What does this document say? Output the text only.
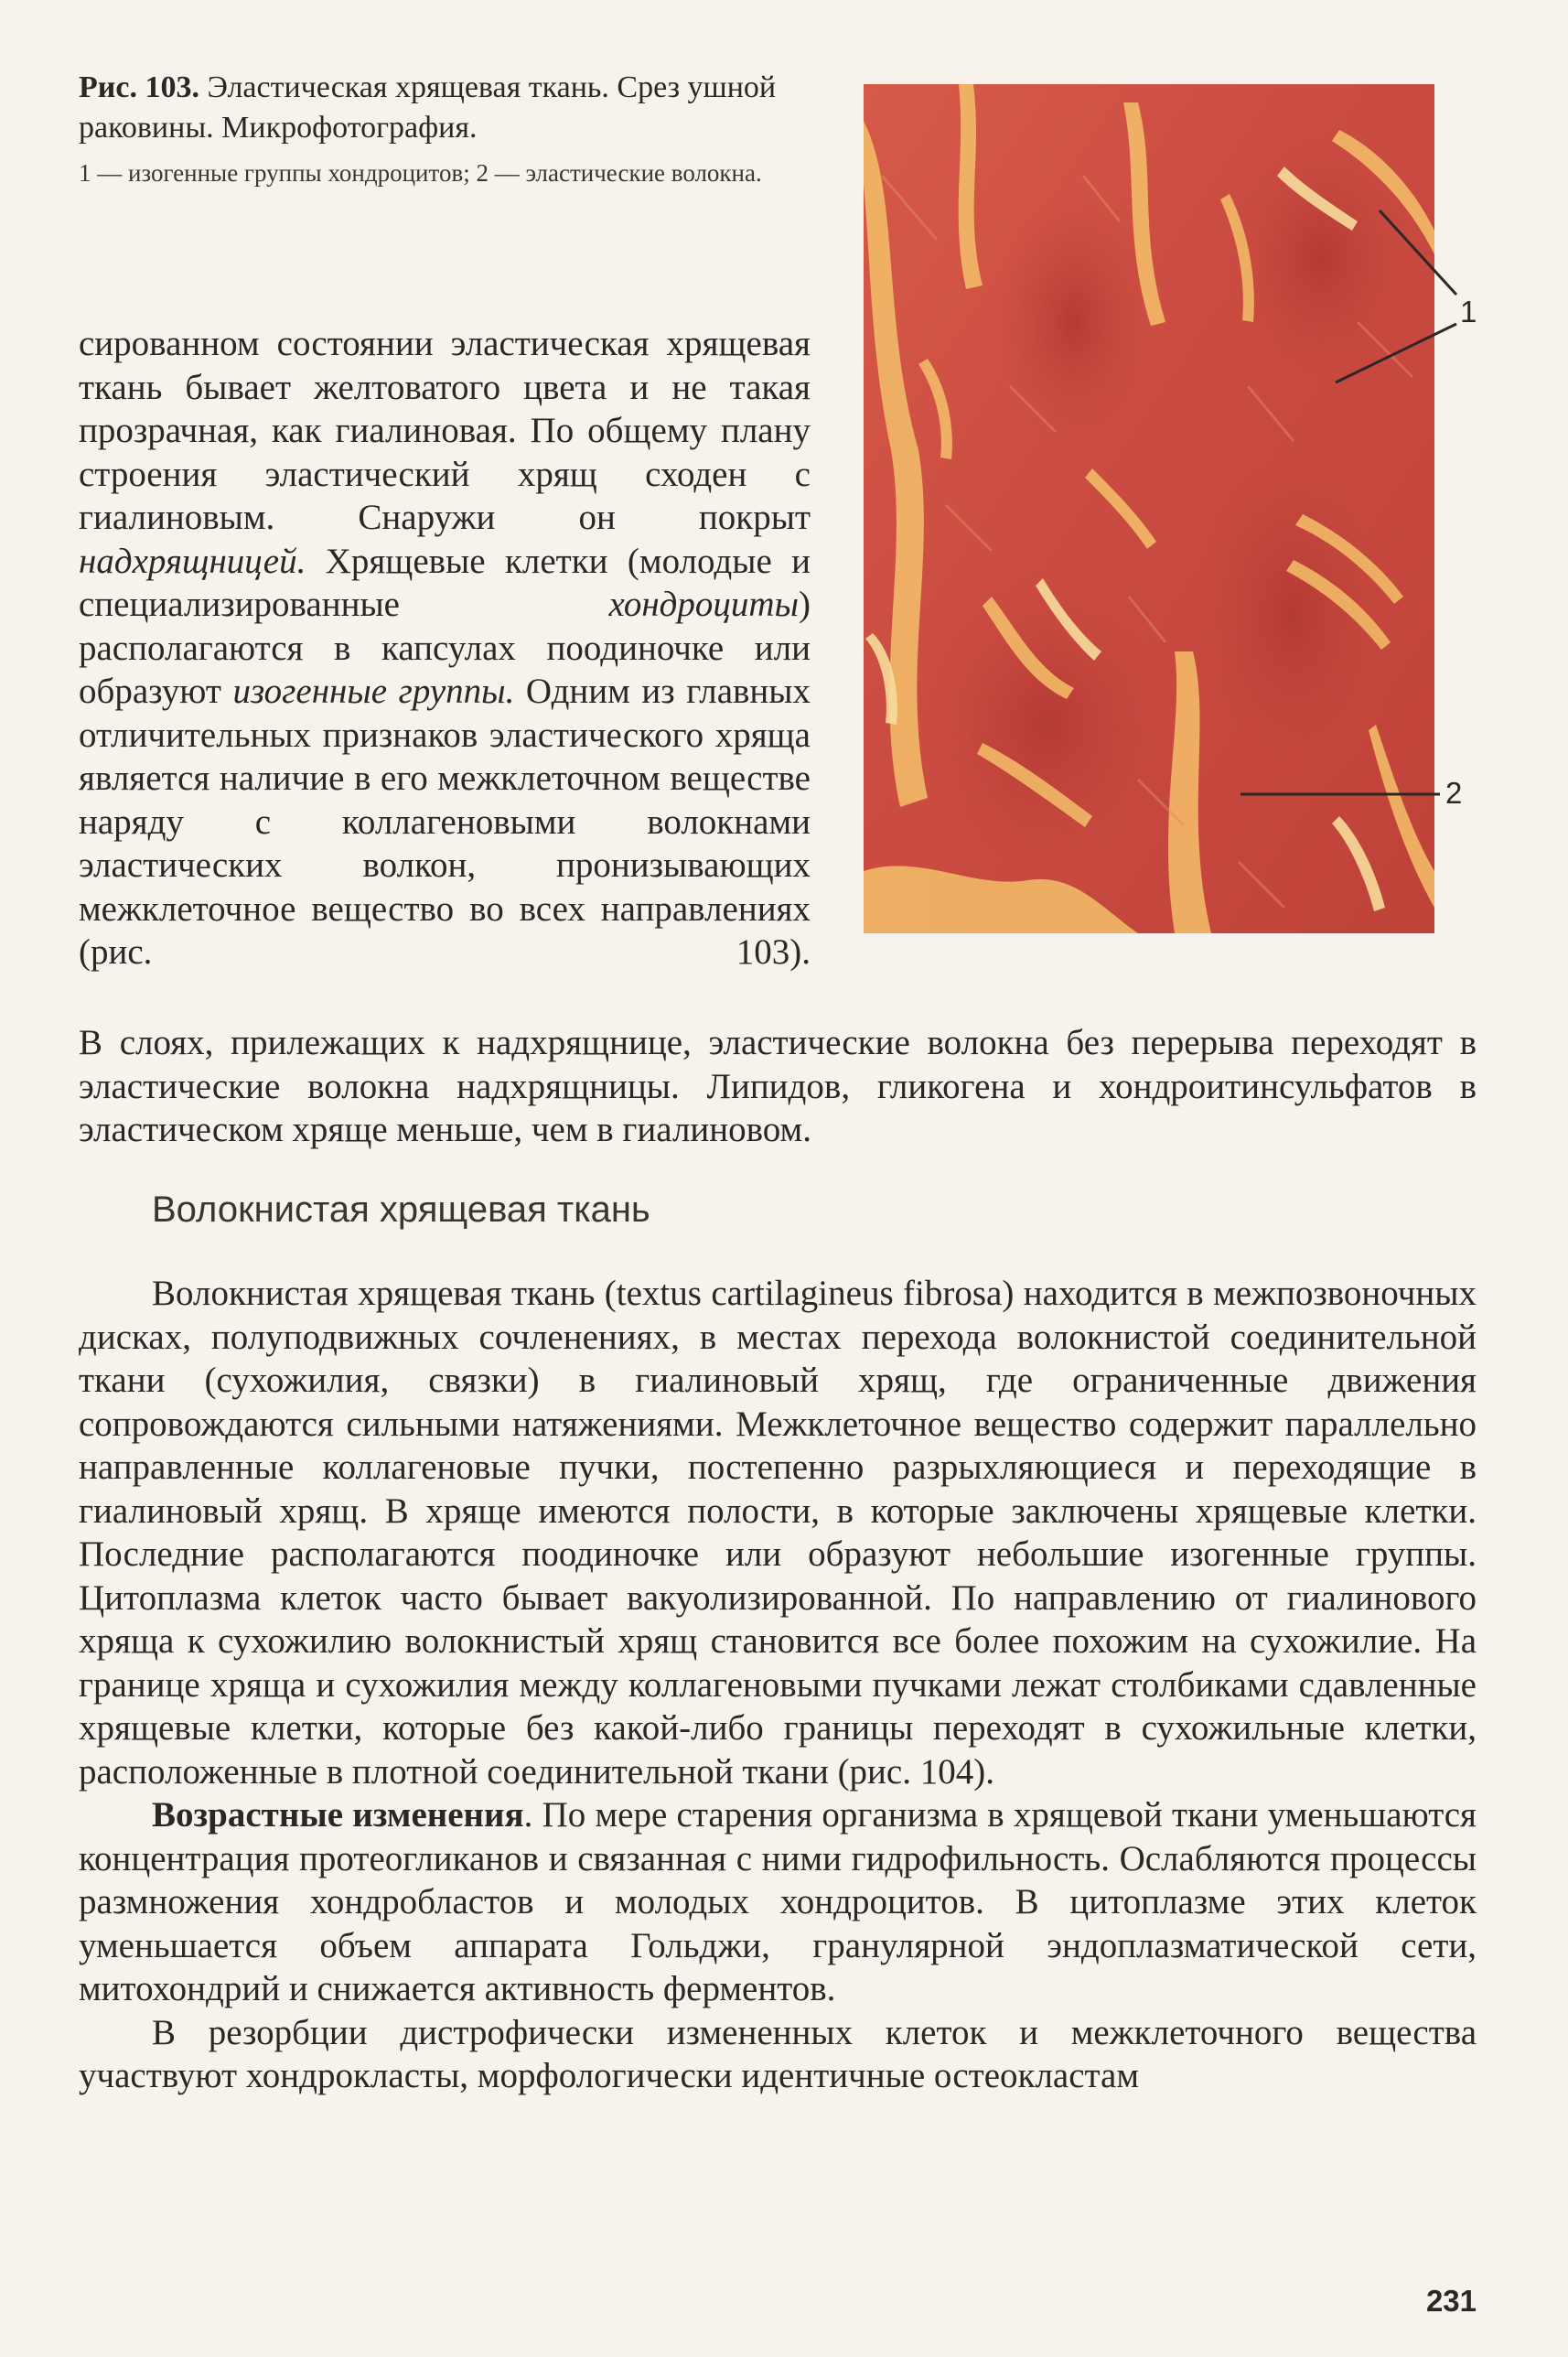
Рис. 103. Эластическая хрящевая ткань. Срез ушной раковины. Микрофотография.
1 — изогенные группы хондроцитов; 2 — эластические волокна.
1
2

сированном состоянии эластическая хрящевая ткань бывает желтоватого цвета и не такая прозрачная, как гиалиновая. По общему плану строения эластический хрящ сходен с гиалиновым. Снаружи он покрыт надхрящницей. Хрящевые клетки (молодые и специализированные хондроциты) располагаются в капсулах поодиночке или образуют изогенные группы. Одним из главных отличительных признаков эластического хряща является наличие в его межклеточном веществе наряду с коллагеновыми волокнами эластических волкон, пронизывающих межклеточное вещество во всех направлениях (рис. 103).

В слоях, прилежащих к надхрящнице, эластические волокна без перерыва переходят в эластические волокна надхрящницы. Липидов, гликогена и хондроитинсульфатов в эластическом хряще меньше, чем в гиалиновом.

Волокнистая хрящевая ткань

Волокнистая хрящевая ткань (textus cartilagineus fibrosa) находится в межпозвоночных дисках, полуподвижных сочленениях, в местах перехода волокнистой соединительной ткани (сухожилия, связки) в гиалиновый хрящ, где ограниченные движения сопровождаются сильными натяжениями. Межклеточное вещество содержит параллельно направленные коллагеновые пучки, постепенно разрыхляющиеся и переходящие в гиалиновый хрящ. В хряще имеются полости, в которые заключены хрящевые клетки. Последние располагаются поодиночке или образуют небольшие изогенные группы. Цитоплазма клеток часто бывает вакуолизированной. По направлению от гиалинового хряща к сухожилию волокнистый хрящ становится все более похожим на сухожилие. На границе хряща и сухожилия между коллагеновыми пучками лежат столбиками сдавленные хрящевые клетки, которые без какой-либо границы переходят в сухожильные клетки, расположенные в плотной соединительной ткани (рис. 104).

Возрастные изменения. По мере старения организма в хрящевой ткани уменьшаются концентрация протеогликанов и связанная с ними гидрофильность. Ослабляются процессы размножения хондробластов и молодых хондроцитов. В цитоплазме этих клеток уменьшается объем аппарата Гольджи, гранулярной эндоплазматической сети, митохондрий и снижается активность ферментов.

В резорбции дистрофически измененных клеток и межклеточного вещества участвуют хондрокласты, морфологически идентичные остеокластам

231
